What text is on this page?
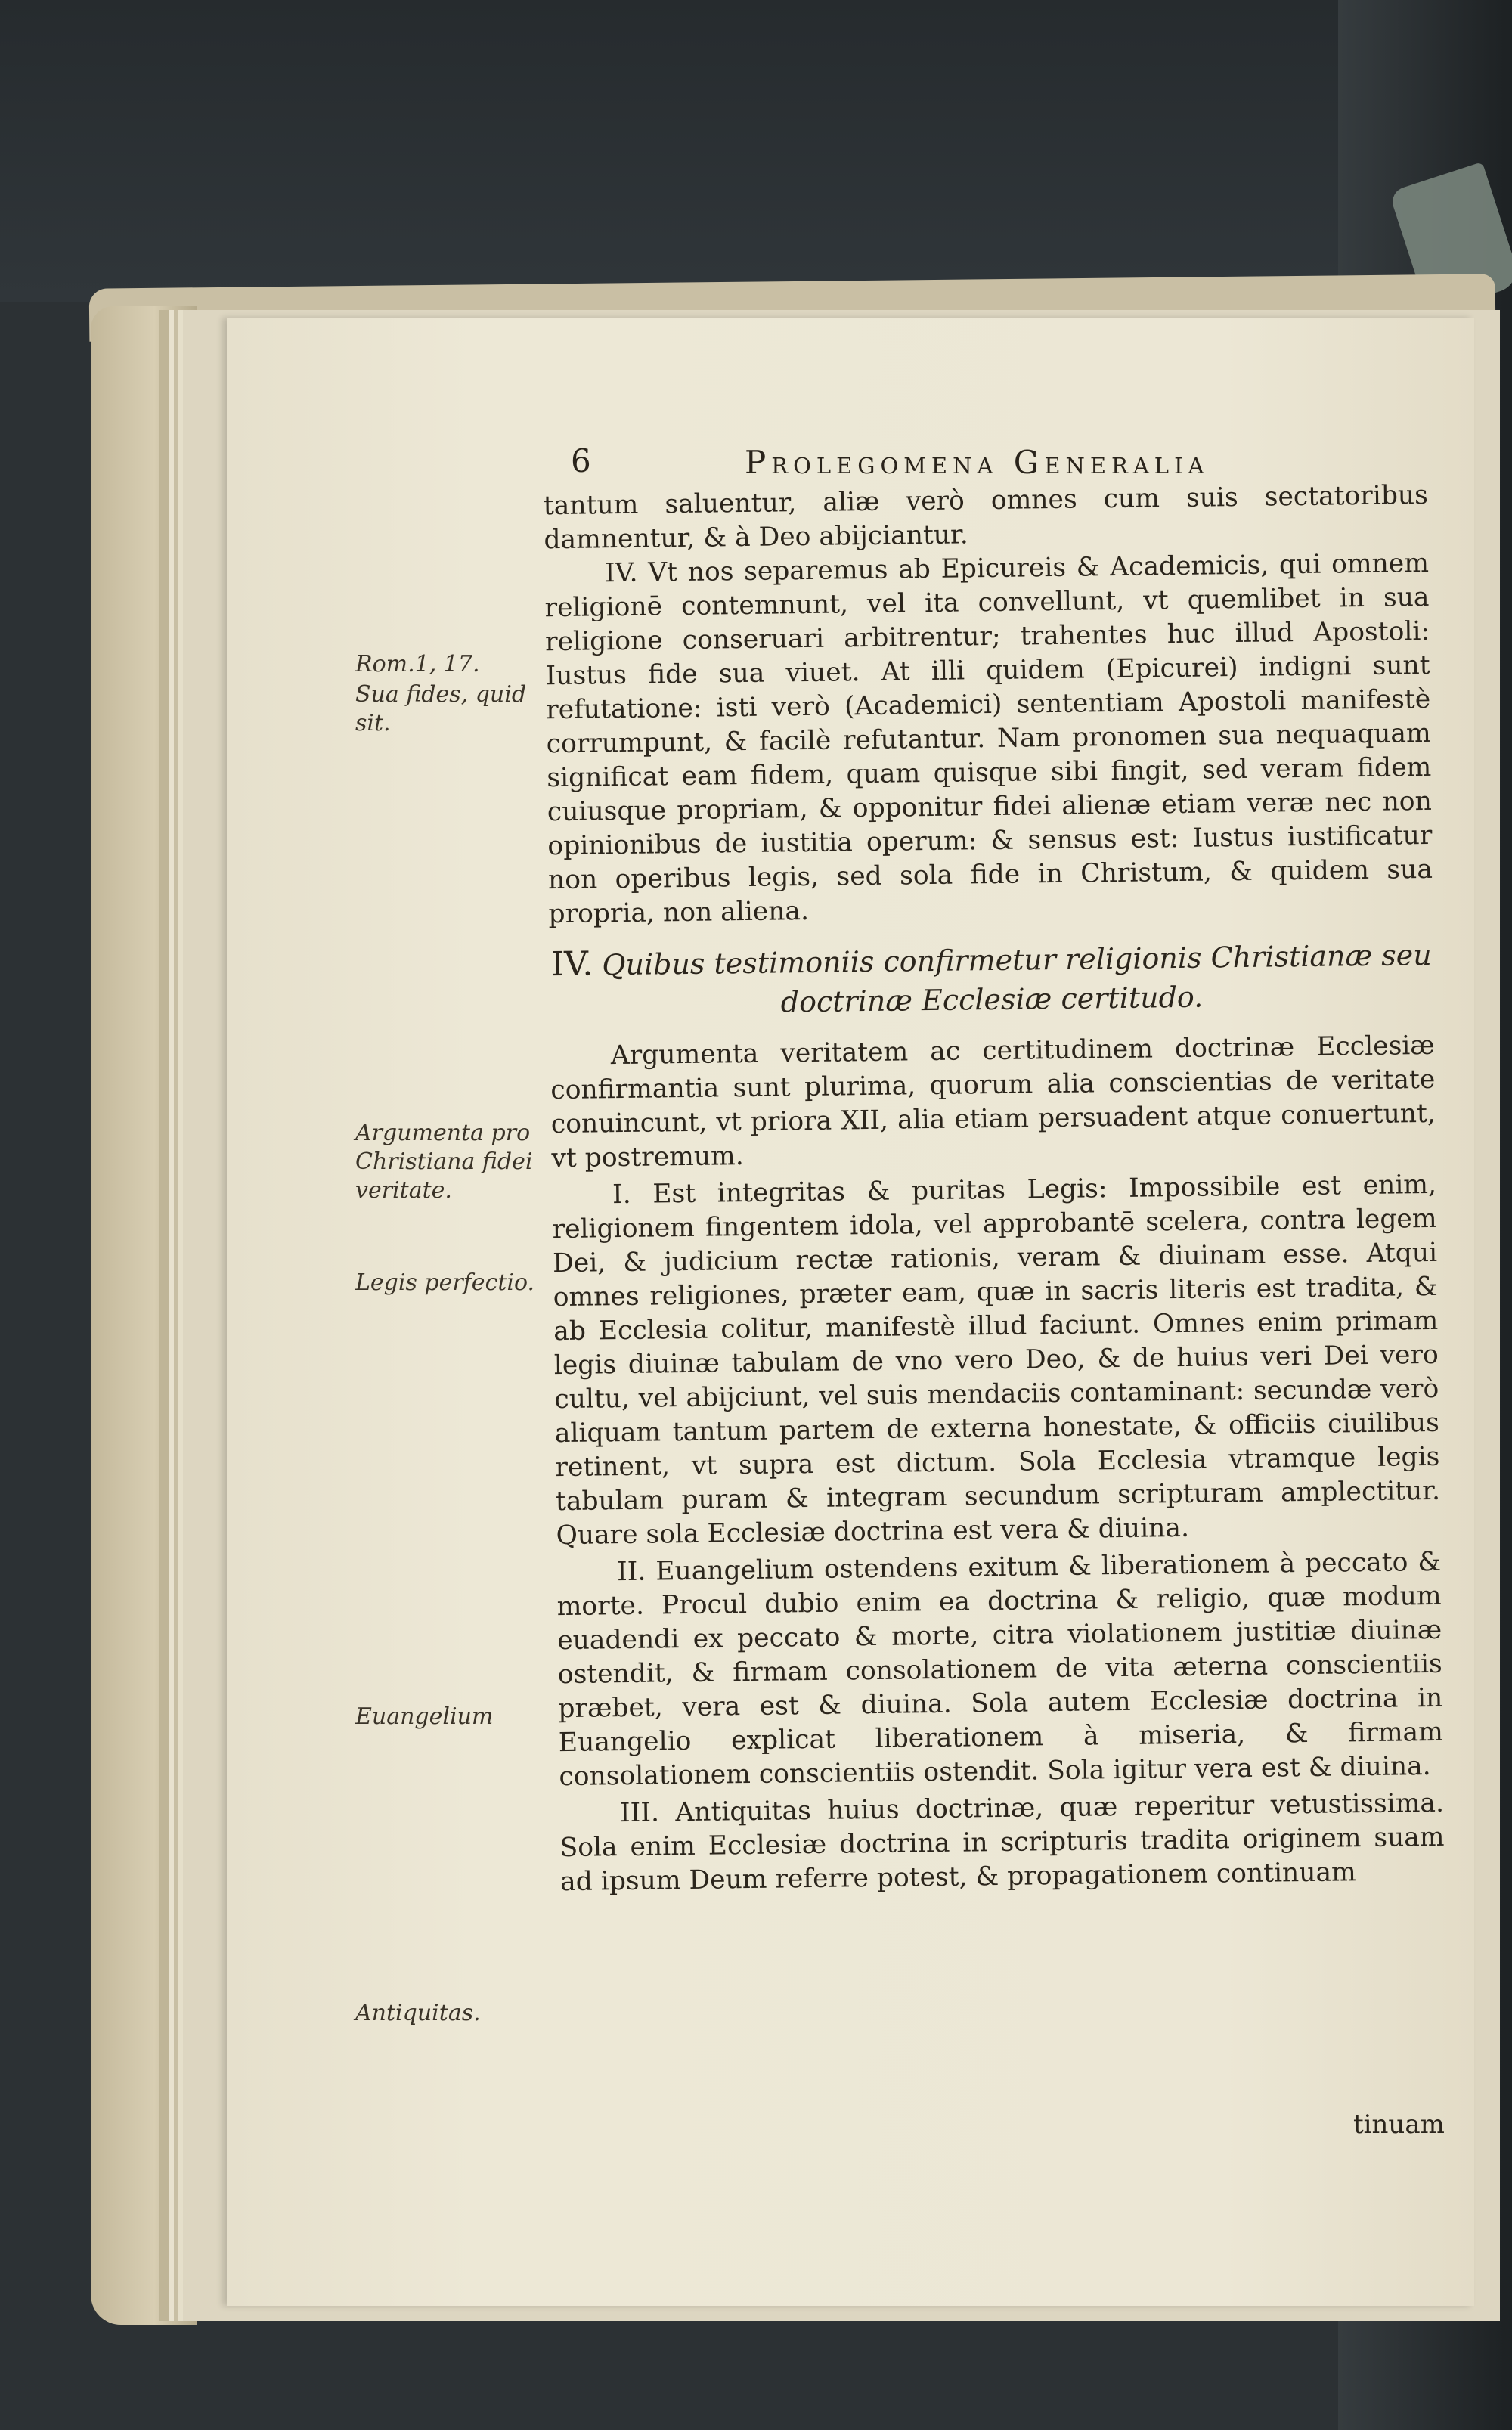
6	Prolegomena Generalia
Rom.1, 17.
Sua fides, quid sit.
Argumenta pro Christiana fidei veritate.
Legis perfectio.
Euangelium
Antiquitas.

tantum saluentur, aliæ verò omnes cum suis sectatoribus damnentur, & à Deo abijciantur.

IV. Vt nos separemus ab Epicureis & Academicis, qui omnem religionē contemnunt, vel ita convellunt, vt quemlibet in sua religione conseruari arbitrentur; trahentes huc illud Apostoli: Iustus fide sua viuet. At illi quidem (Epicurei) indigni sunt refutatione: isti verò (Academici) sententiam Apostoli manifestè corrumpunt, & facilè refutantur. Nam pronomen sua nequaquam significat eam fidem, quam quisque sibi fingit, sed veram fidem cuiusque propriam, & opponitur fidei alienæ etiam veræ nec non opinionibus de iustitia operum: & sensus est: Iustus iustificatur non operibus legis, sed sola fide in Christum, & quidem sua propria, non aliena.

IV. Quibus testimoniis confirmetur religionis Christianæ seu doctrinæ Ecclesiæ certitudo.

Argumenta veritatem ac certitudinem doctrinæ Ecclesiæ confirmantia sunt plurima, quorum alia conscientias de veritate conuincunt, vt priora XII, alia etiam persuadent atque conuertunt, vt postremum.

I. Est integritas & puritas Legis: Impossibile est enim, religionem fingentem idola, vel approbantē scelera, contra legem Dei, & judicium rectæ rationis, veram & diuinam esse. Atqui omnes religiones, præter eam, quæ in sacris literis est tradita, & ab Ecclesia colitur, manifestè illud faciunt. Omnes enim primam legis diuinæ tabulam de vno vero Deo, & de huius veri Dei vero cultu, vel abijciunt, vel suis mendaciis contaminant: secundæ verò aliquam tantum partem de externa honestate, & officiis ciuilibus retinent, vt supra est dictum. Sola Ecclesia vtramque legis tabulam puram & integram secundum scripturam amplectitur. Quare sola Ecclesiæ doctrina est vera & diuina.

II. Euangelium ostendens exitum & liberationem à peccato & morte. Procul dubio enim ea doctrina & religio, quæ modum euadendi ex peccato & morte, citra violationem justitiæ diuinæ ostendit, & firmam consolationem de vita æterna conscientiis præbet, vera est & diuina. Sola autem Ecclesiæ doctrina in Euangelio explicat liberationem à miseria, & firmam consolationem conscientiis ostendit. Sola igitur vera est & diuina.

III. Antiquitas huius doctrinæ, quæ reperitur vetustissima. Sola enim Ecclesiæ doctrina in scripturis tradita originem suam ad ipsum Deum referre potest, & propagationem continuam

tinuam
